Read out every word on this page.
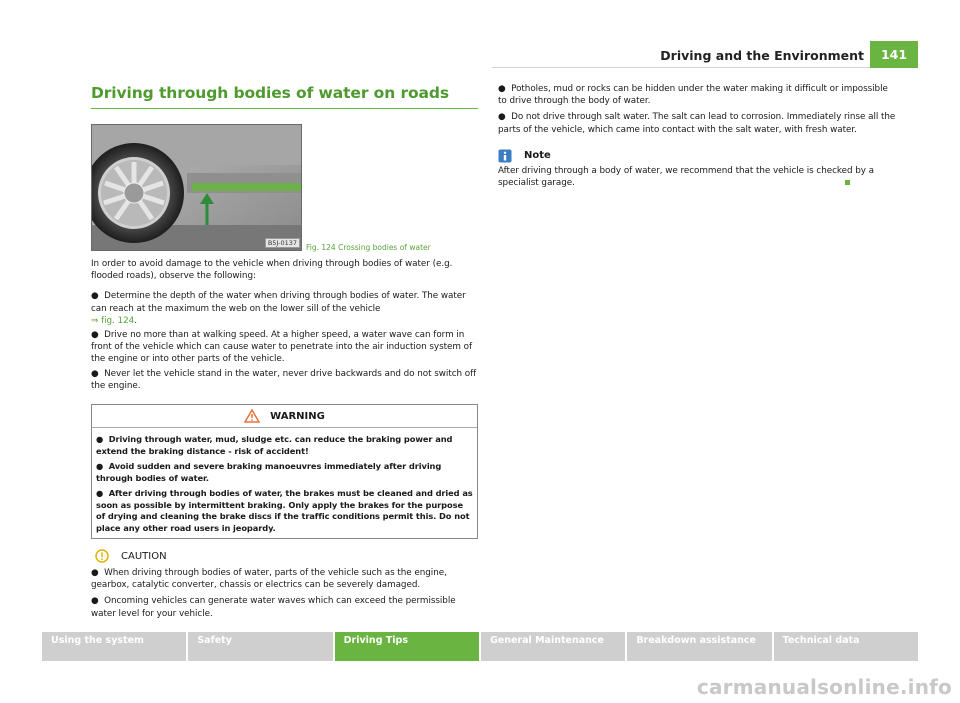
Driving and the Environment	141
Driving through bodies of water on roads
B5J-0137	Fig. 124 Crossing bodies of water

In order to avoid damage to the vehicle when driving through bodies of water (e.g. flooded roads), observe the following:

●  Determine the depth of the water when driving through bodies of water. The water can reach at the maximum the web on the lower sill of the vehicle
⇒ fig. 124.

●  Drive no more than at walking speed. At a higher speed, a water wave can form in front of the vehicle which can cause water to penetrate into the air induction system of the engine or into other parts of the vehicle.

●  Never let the vehicle stand in the water, never drive backwards and do not switch off the engine.

WARNING

●  Driving through water, mud, sludge etc. can reduce the braking power and extend the braking distance - risk of accident!

●  Avoid sudden and severe braking manoeuvres immediately after driving through bodies of water.

●  After driving through bodies of water, the brakes must be cleaned and dried as soon as possible by intermittent braking. Only apply the brakes for the purpose of drying and cleaning the brake discs if the traffic conditions permit this. Do not place any other road users in jeopardy.

CAUTION

●  When driving through bodies of water, parts of the vehicle such as the engine, gearbox, catalytic converter, chassis or electrics can be severely damaged.

●  Oncoming vehicles can generate water waves which can exceed the permissible water level for your vehicle.

●  Potholes, mud or rocks can be hidden under the water making it difficult or impossible to drive through the body of water.

●  Do not drive through salt water. The salt can lead to corrosion. Immediately rinse all the parts of the vehicle, which came into contact with the salt water, with fresh water.

Note

After driving through a body of water, we recommend that the vehicle is checked by a specialist garage.

Using the system	Safety	Driving Tips	General Maintenance	Breakdown assistance	Technical data
carmanualsonline.info
